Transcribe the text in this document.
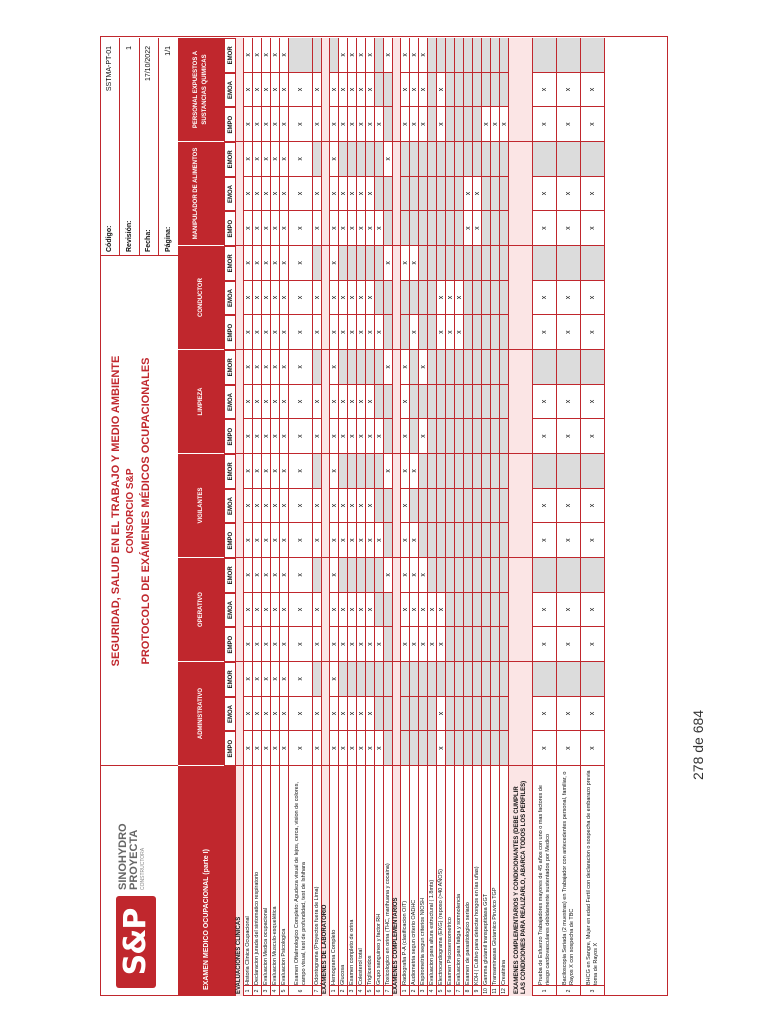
S&P
SINOHYDRO PROYECTA CONSTRUCTORA
SEGURIDAD, SALUD EN EL TRABAJO Y MEDIO AMBIENTE CONSORCIO S&P PROTOCOLO DE EXÁMENES MÉDICOS OCUPACIONALES
Código:
SSTMA-PT-01
Revisión:
1
Fecha:
17/10/2022
Página:
1/1
EXAMEN MEDICO OCUPACIONAL (parte I)
ADMINISTRATIVO
EMPO
EMOA
EMOR
OPERATIVO
EMPO
EMOA
EMOR
VIGILANTES
EMPO
EMOA
EMOR
LIMPIEZA
EMPO
EMOA
EMOR
CONDUCTOR
EMPO
EMOA
EMOR
MANIPULADOR DE ALIMENTOS	EMPO
EMOA
EMOR
PERSONAL EXPUESTOS A SUSTANCIAS QUIMICAS
EMPO
EMOA
EMOR
EVALUACIONES CLINICAS 1
Historia Clinica Ocupacional
x
x
x
x
x
x
x
x
x
x
x
x
x
x
x
x
x
x
x
x
x
2
Declaracion jurada del sintomatico respiratorio
x
x
x
x
x
x
x
x
x
x
x
x
x
x
x
x
x
x
x
x
x
3
Evaluacion Medica ocupacional
x
x
x
x
x
x
x
x
x
x
x
x
x
x
x
x
x
x
x
x
x
4
Evaluacion Musculo-esquelética
x
x
x
x
x
x
x
x
x
x
x
x
x
x
x
x
x
x
x
x
x
5
Evaluacion Psicologica
x
x
x
x
x
x
x
x
x
x
x
x
x
x
x
x
x
x
x
x
x
6
Examen Oftalmologico Completo: Agudeza visual de lejos, cerca, vision de colores, campo visual, test de profundidad, test de Ishihara
x
x
x
x
x
x
x
x
x
x
x
x
x
x
x
x
x
x
x
x
7
Odontograma (Proyectos fuera de Lima)
x
x
x
x
x
x
x
x
x
x
x
x
x
x
EXÁMENES DE LABORATORIO 1
Hemograma Completo
x
x
x
x
x
x
x
x
x
x
x
x
x
x
x
x
x
x
x
x
2
Glucosa
x
x
x
x
x
x
x
x
x
x
x
x
x
x
x
3
Examen completo de orina
x
x
x
x
x
x
x
x
x
x
x
x
x
x
x
4
Colesterol total
x
x
x
x
x
x
x
x
x
x
x
x
x
x
x
5
Trigliceridos
x
x
x
x
x
x
x
x
x
x
x
x
x
x
x
6
Grupo sanguineo y factor RH
x
x
x
x
x
x
x
7
Toxicologico en orina (THC, marihuana y cocaina)
x
x
x
x
x
x
EXAMENES COMPLEMENTARIOS 1
Radiografia P-A (clasificacion OIT)
x
x
x
x
x
x
x
x
x
x
x
x
x
2
Audiometria segun criterio OADHC
x
x
x
x
x
x
x
x
x
x
3
Espirometria segun criterios NIOSH
x
x
x
x
x
x
x
x
4
Evaluacion para altura estructural ( 1.8mts)
x
x
5
Electrocardiograma (EKG) (reposo (>40 AÑOS)
x
x
x
x
x
x
x
x
6
Examen Psicosensometrico
x
x
7
Evaluacion para fatiga y somnolencia
x
x
8
Examen de parasitologico seriado
x
x
9
KOH ( Cultivo para detectar hongos en las uñas)
x
x
10
Gamma glutamil transpeptidasa GGT
x
11
Transaminasas Glutamico Piruvico TGP
x
12
Creatinina
x
EXAMENES COMPLEMENTARIOS Y CONDICIONANTES (DEBE CUMPLIR LAS CONDICIONES PARA REALIZARLO, ABARCA TODOS LOS PERFILES)	1
Prueba de Esfuerzo Trabajadores mayores de 45 años con uno o mas factores de riesgo cardiovasculares debidamente sustentados por Medico
x
x
x
x
x
x
x
x
x
x
x
x
x
x
2
Baciloscopia Seriada (2 muestras) en Trabajador con antecedentes personal, familiar, o Rayos X con sospecha de TBC
x
x
x
x
x
x
x
x
x
x
x
x
x
x
3
BHCG en Sangre, Mujer en edad Fertil con declaracion o sospecha de embarazo previa toma de Rayos X
x
x
x
x
x
x
x
x
x
x
x
x
x
x
278 de 684
